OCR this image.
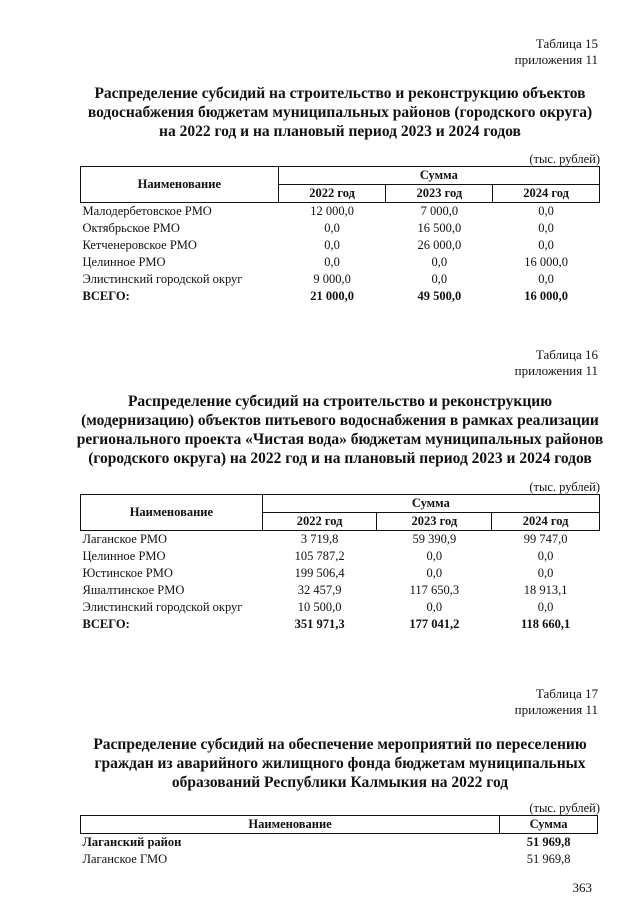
Таблица 15
приложения 11
Распределение субсидий на строительство и реконструкцию объектов
водоснабжения бюджетам муниципальных районов (городского округа)
на 2022 год и на плановый период 2023 и 2024 годов
(тыс. рублей)
Наименование	Сумма		
	2022 год	2023 год	2024 год
Малодербетовское РМО	12 000,0	7 000,0	0,0
Октябрьское РМО	0,0	16 500,0	0,0
Кетченеровское РМО	0,0	26 000,0	0,0
Целинное РМО	0,0	0,0	16 000,0
Элистинский городской округ	9 000,0	0,0	0,0
ВСЕГО:	21 000,0	49 500,0	16 000,0
Таблица 16
приложения 11
Распределение субсидий на строительство и реконструкцию
(модернизацию) объектов питьевого водоснабжения в рамках реализации
регионального проекта «Чистая вода» бюджетам муниципальных районов
(городского округа) на 2022 год и на плановый период 2023 и 2024 годов
(тыс. рублей)
Наименование	Сумма		
	2022 год	2023 год	2024 год
Лаганское РМО	3 719,8	59 390,9	99 747,0
Целинное РМО	105 787,2	0,0	0,0
Юстинское РМО	199 506,4	0,0	0,0
Яшалтинское РМО	32 457,9	117 650,3	18 913,1
Элистинский городской округ	10 500,0	0,0	0,0
ВСЕГО:	351 971,3	177 041,2	118 660,1
Таблица 17
приложения 11
Распределение субсидий на обеспечение мероприятий по переселению
граждан из аварийного жилищного фонда бюджетам муниципальных
образований Республики Калмыкия на 2022 год
(тыс. рублей)
Наименование	Сумма
Лаганский район	51 969,8
Лаганское ГМО	51 969,8
363
